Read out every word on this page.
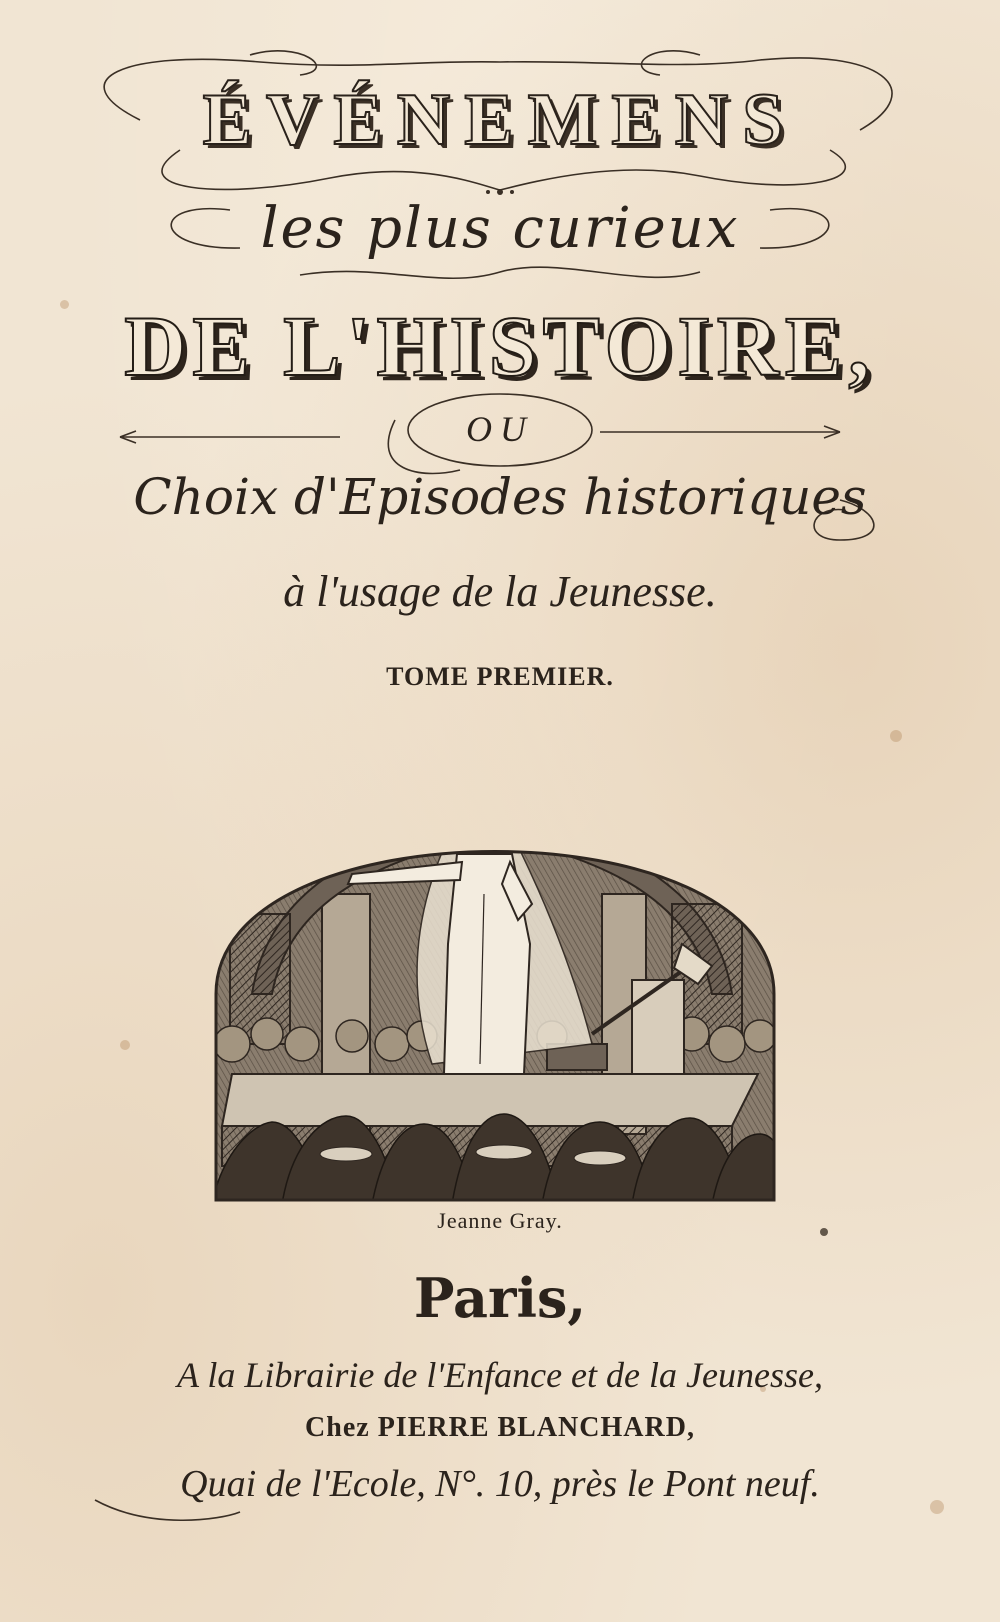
ÉVÉNEMENS
les plus curieux
DE L'HISTOIRE,
OU
Choix d'Episodes historiques
à l'usage de la Jeunesse.
TOME PREMIER.
Jeanne Gray.
Paris,
A la Librairie de l'Enfance et de la Jeunesse,
Chez PIERRE BLANCHARD,
Quai de l'Ecole, N°. 10, près le Pont neuf.
